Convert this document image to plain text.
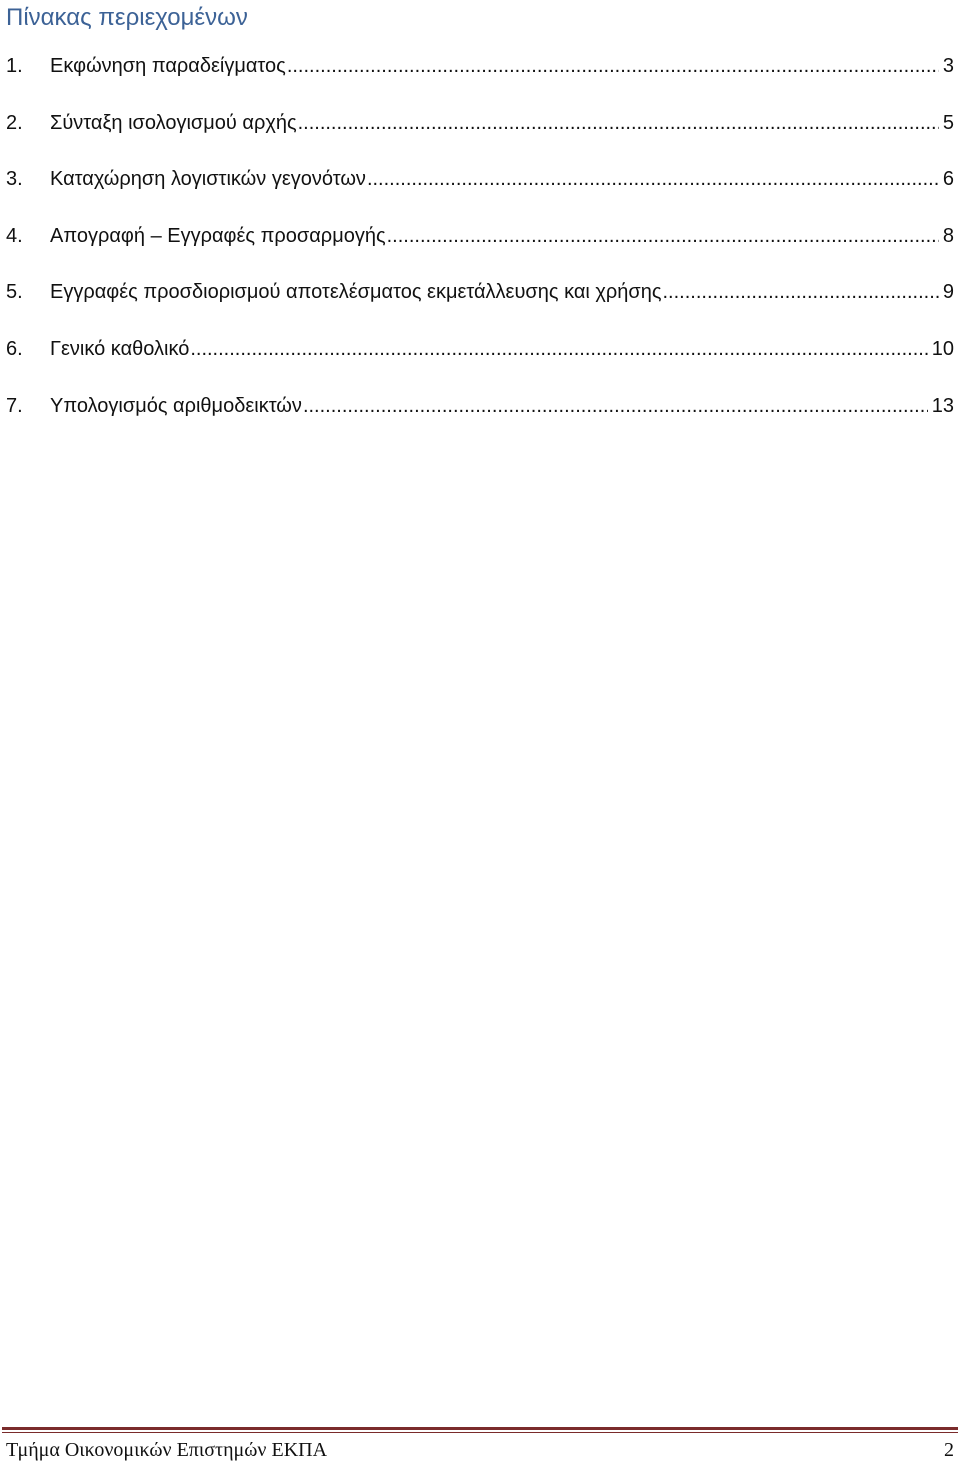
Πίνακας περιεχομένων
1.	Εκφώνηση παραδείγματος .....	3
2.	Σύνταξη ισολογισμού αρχής .....	5
3.	Καταχώρηση λογιστικών γεγονότων .....	6
4.	Απογραφή – Εγγραφές προσαρμογής .....	8
5.	Εγγραφές προσδιορισμού αποτελέσματος εκμετάλλευσης και χρήσης .....	9
6.	Γενικό καθολικό .....	10
7.	Υπολογισμός αριθμοδεικτών .....	13
Τμήμα Οικονομικών Επιστημών ΕΚΠΑ	2
